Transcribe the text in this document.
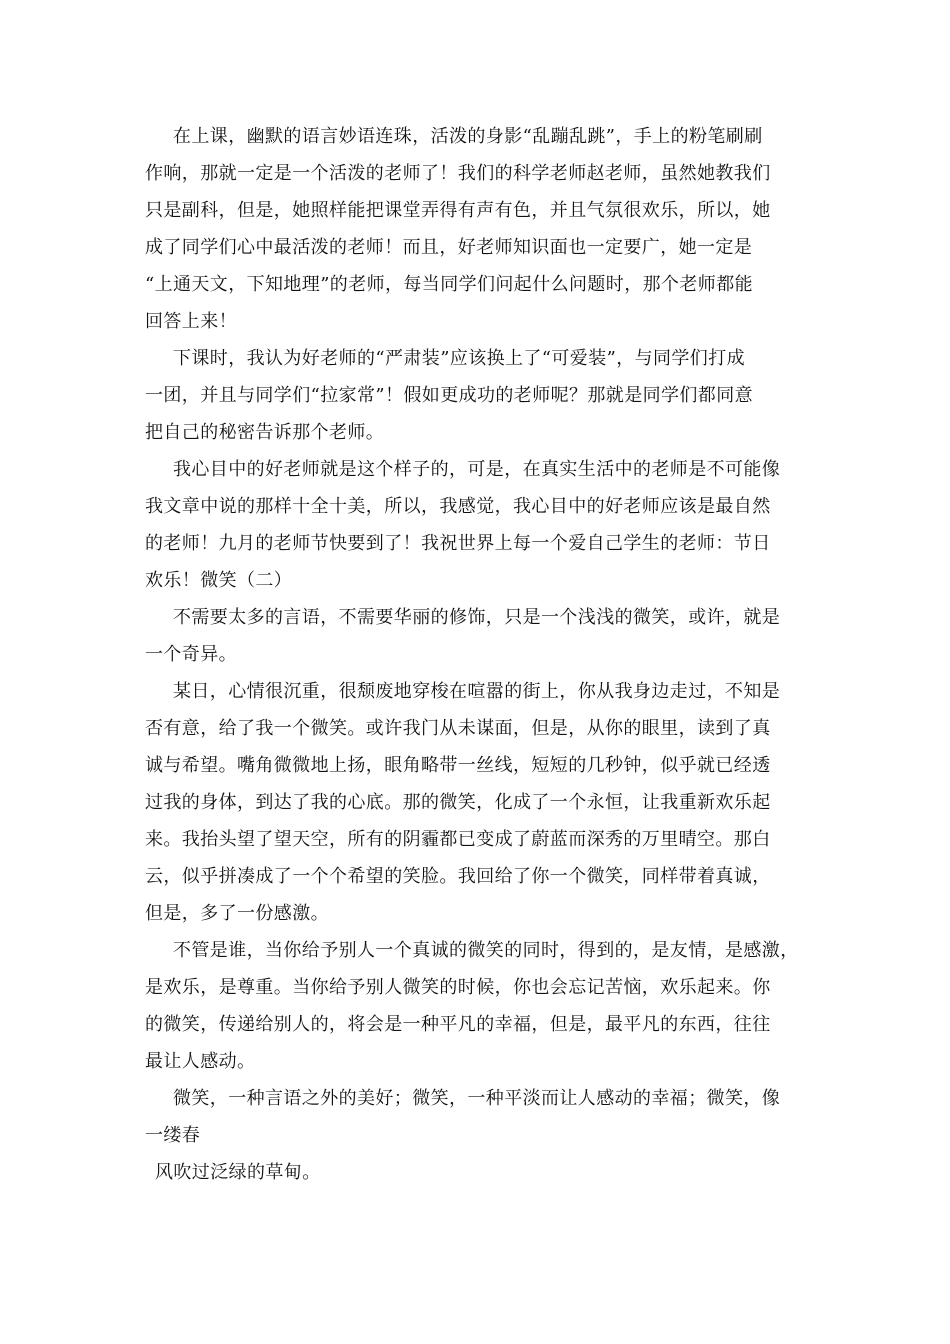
在上课，幽默的语言妙语连珠，活泼的身影“乱蹦乱跳”，手上的粉笔刷刷
作响，那就一定是一个活泼的老师了！我们的科学老师赵老师，虽然她教我们
只是副科，但是，她照样能把课堂弄得有声有色，并且气氛很欢乐，所以，她
成了同学们心中最活泼的老师！而且，好老师知识面也一定要广，她一定是
“上通天文，下知地理”的老师，每当同学们问起什么问题时，那个老师都能
回答上来！
下课时，我认为好老师的“严肃装”应该换上了“可爱装”，与同学们打成
一团，并且与同学们“拉家常”！假如更成功的老师呢？那就是同学们都同意
把自己的秘密告诉那个老师。
我心目中的好老师就是这个样子的，可是，在真实生活中的老师是不可能像
我文章中说的那样十全十美，所以，我感觉，我心目中的好老师应该是最自然
的老师！九月的老师节快要到了！我祝世界上每一个爱自己学生的老师：节日
欢乐！微笑（二）
不需要太多的言语，不需要华丽的修饰，只是一个浅浅的微笑，或许，就是
一个奇异。
某日，心情很沉重，很颓废地穿梭在喧嚣的街上，你从我身边走过，不知是
否有意，给了我一个微笑。或许我门从未谋面，但是，从你的眼里，读到了真
诚与希望。嘴角微微地上扬，眼角略带一丝线，短短的几秒钟，似乎就已经透
过我的身体，到达了我的心底。那的微笑，化成了一个永恒，让我重新欢乐起
来。我抬头望了望天空，所有的阴霾都已变成了蔚蓝而深秀的万里晴空。那白
云，似乎拼凑成了一个个希望的笑脸。我回给了你一个微笑，同样带着真诚，
但是，多了一份感激。
不管是谁，当你给予别人一个真诚的微笑的同时，得到的，是友情，是感激，
是欢乐，是尊重。当你给予别人微笑的时候，你也会忘记苦恼，欢乐起来。你
的微笑，传递给别人的，将会是一种平凡的幸福，但是，最平凡的东西，往往
最让人感动。
微笑，一种言语之外的美好；微笑，一种平淡而让人感动的幸福；微笑，像
一缕春
风吹过泛绿的草甸。
